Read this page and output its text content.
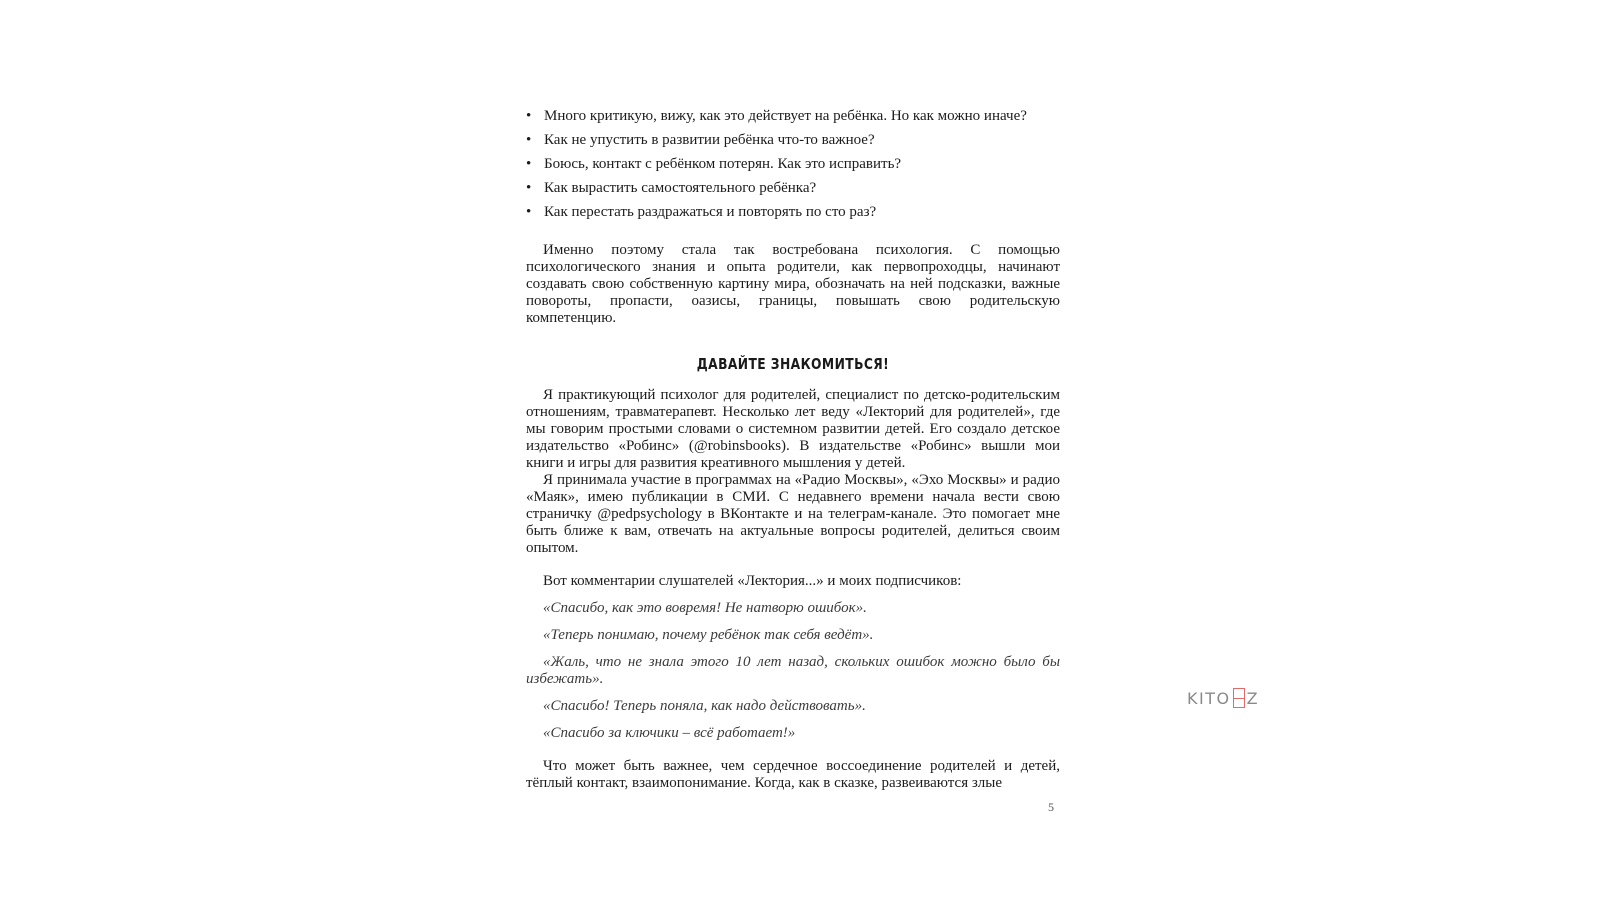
• Много критикую, вижу, как это действует на ребёнка. Но как можно иначе?
• Как не упустить в развитии ребёнка что-то важное?
• Боюсь, контакт с ребёнком потерян. Как это исправить?
• Как вырастить самостоятельного ребёнка?
• Как перестать раздражаться и повторять по сто раз?

Именно поэтому стала так востребована психология. С помощью психологического знания и опыта родители, как первопроходцы, начинают создавать свою собственную картину мира, обозначать на ней подсказки, важные повороты, пропасти, оазисы, границы, повышать свою родительскую компетенцию.

ДАВАЙТЕ ЗНАКОМИТЬСЯ!

Я практикующий психолог для родителей, специалист по детско-родительским отношениям, травматерапевт. Несколько лет веду «Лекторий для родителей», где мы говорим простыми словами о системном развитии детей. Его создало детское издательство «Робинс» (@robinsbooks). В издательстве «Робинс» вышли мои книги и игры для развития креативного мышления у детей.

Я принимала участие в программах на «Радио Москвы», «Эхо Москвы» и радио «Маяк», имею публикации в СМИ. С недавнего времени начала вести свою страничку @pedpsychology в ВКонтакте и на телеграм-канале. Это помогает мне быть ближе к вам, отвечать на актуальные вопросы родителей, делиться своим опытом.

Вот комментарии слушателей «Лектория...» и моих подписчиков:

«Спасибо, как это вовремя! Не натворю ошибок».

«Теперь понимаю, почему ребёнок так себя ведёт».

«Жаль, что не знала этого 10 лет назад, скольких ошибок можно было бы избежать».

«Спасибо! Теперь поняла, как надо действовать».

«Спасибо за ключики – всё работает!»

Что может быть важнее, чем сердечное воссоединение родителей и детей, тёплый контакт, взаимопонимание. Когда, как в сказке, развеиваются злые

5
KITO Z
